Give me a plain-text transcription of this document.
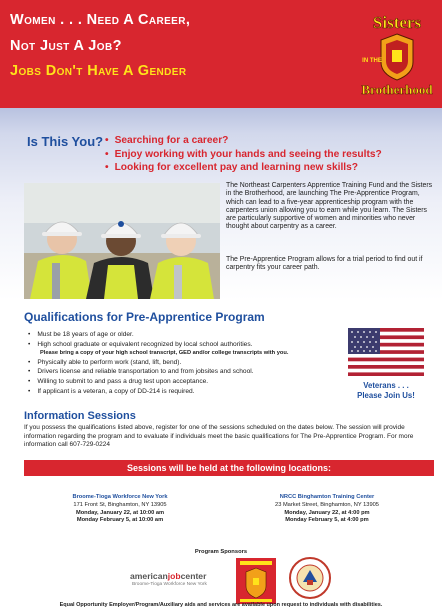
Women . . . Need A Career,
Not Just A Job?
Jobs Don't Have A Gender
Sisters
IN THE
Brotherhood
Is This You?
•	Searching for a career?
• Enjoy working with your hands and seeing the results?
• Looking for excellent pay and learning new skills?

The Northeast Carpenters Apprentice Training Fund and the Sisters in the Brotherhood, are launching The Pre-Apprentice Program, which can lead to a five-year apprenticeship program with the carpenters union allowing you to earn while you learn. The Sisters are particularly supportive of women and minorities who never thought about carpentry as a career.

The Pre-Apprentice Program allows for a trial period to find out if carpentry fits your career path.

Qualifications for Pre-Apprentice Program
• Must be 18 years of age or older.
• High school graduate or equivalent recognized by local school authorities.
Please bring a copy of your high school transcript, GED and/or college transcripts with you.
• Physically able to perform work (stand, lift, bend).
• Drivers license and reliable transportation to and from jobsites and school.
• Willing to submit to and pass a drug test upon acceptance.
• If applicant is a veteran, a copy of DD-214 is required.
Veterans . . .
Please Join Us!
Information Sessions

If you possess the qualifications listed above, register for one of the sessions scheduled on the dates below. The session will provide information regarding the program and to evaluate if individuals meet the basic qualifications for The Pre-Apprentice Program. For more information call 607-729-0224

Sessions will be held at the following locations:
Broome-Tioga Workforce New York
171 Front St, Binghamton, NY 13905
Monday, January 22, at 10:00 am
Monday February 5, at 10:00 am
NRCC Binghamton Training Center
23 Market Street, Binghamton, NY 13905
Monday, January 22, at 4:00 pm
Monday February 5, at 4:00 pm
Program Sponsors
americanjobcenter
Broome-Tioga Workforce New York
Equal Opportunity Employer/Program/Auxiliary aids and services are available upon request to individuals with disabilities.
